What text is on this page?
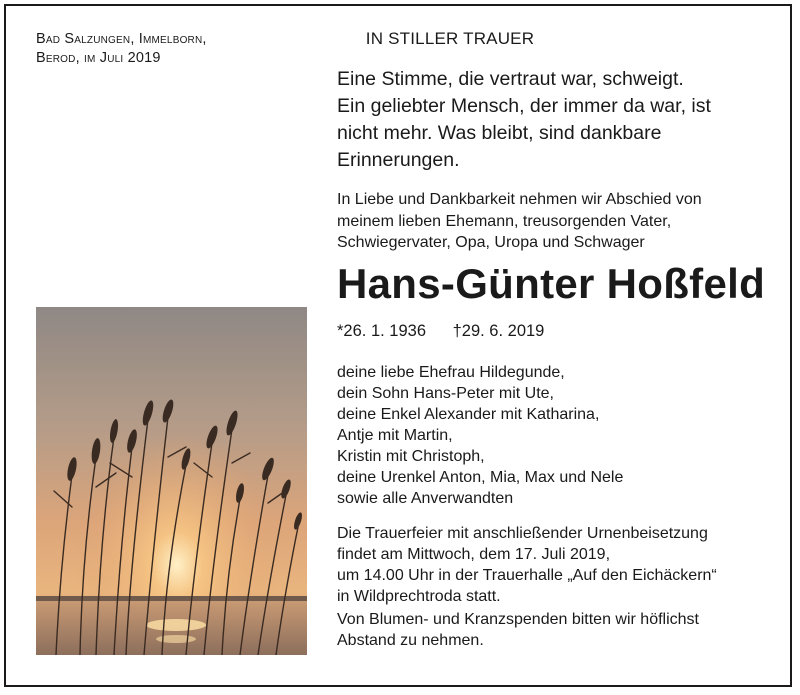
Bad Salzungen, Immelborn,
Berod, im Juli 2019
IN STILLER TRAUER
Eine Stimme, die vertraut war, schweigt.
Ein geliebter Mensch, der immer da war, ist
nicht mehr. Was bleibt, sind dankbare
Erinnerungen.
In Liebe und Dankbarkeit nehmen wir Abschied von
meinem lieben Ehemann, treusorgenden Vater,
Schwiegervater, Opa, Uropa und Schwager
Hans-Günter Hoßfeld
*26. 1. 1936 †29. 6. 2019
deine liebe Ehefrau Hildegunde,
dein Sohn Hans-Peter mit Ute,
deine Enkel Alexander mit Katharina,
Antje mit Martin,
Kristin mit Christoph,
deine Urenkel Anton, Mia, Max und Nele
sowie alle Anverwandten
Die Trauerfeier mit anschließender Urnenbeisetzung
findet am Mittwoch, dem 17. Juli 2019,
um 14.00 Uhr in der Trauerhalle „Auf den Eichäckern“
in Wildprechtroda statt.
Von Blumen- und Kranzspenden bitten wir höflichst
Abstand zu nehmen.
